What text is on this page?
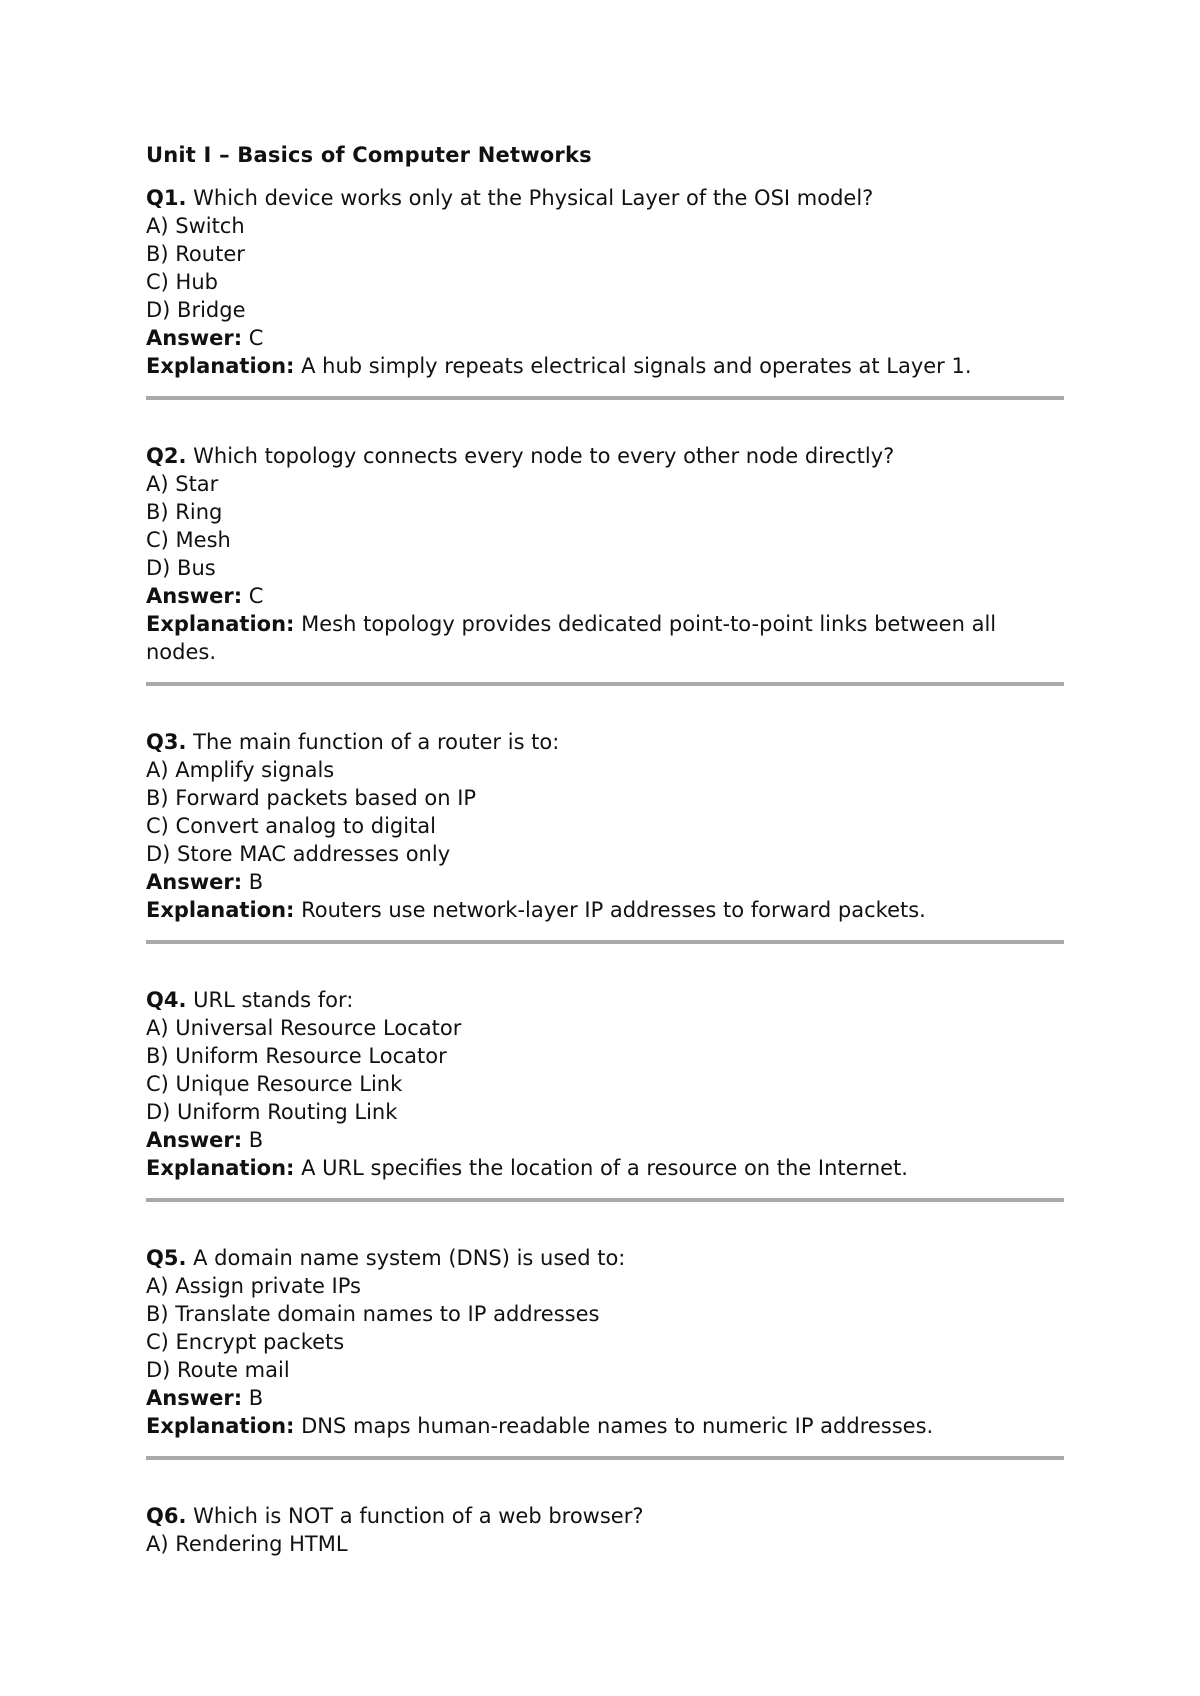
Unit I – Basics of Computer Networks

Q1. Which device works only at the Physical Layer of the OSI model?

A) Switch

B) Router

C) Hub

D) Bridge

Answer: C

Explanation: A hub simply repeats electrical signals and operates at Layer 1.

Q2. Which topology connects every node to every other node directly?

A) Star

B) Ring

C) Mesh

D) Bus

Answer: C

Explanation: Mesh topology provides dedicated point-to-point links between all nodes.

Q3. The main function of a router is to:

A) Amplify signals

B) Forward packets based on IP

C) Convert analog to digital

D) Store MAC addresses only

Answer: B

Explanation: Routers use network-layer IP addresses to forward packets.

Q4. URL stands for:

A) Universal Resource Locator

B) Uniform Resource Locator

C) Unique Resource Link

D) Uniform Routing Link

Answer: B

Explanation: A URL specifies the location of a resource on the Internet.

Q5. A domain name system (DNS) is used to:

A) Assign private IPs

B) Translate domain names to IP addresses

C) Encrypt packets

D) Route mail

Answer: B

Explanation: DNS maps human-readable names to numeric IP addresses.

Q6. Which is NOT a function of a web browser?

A) Rendering HTML
